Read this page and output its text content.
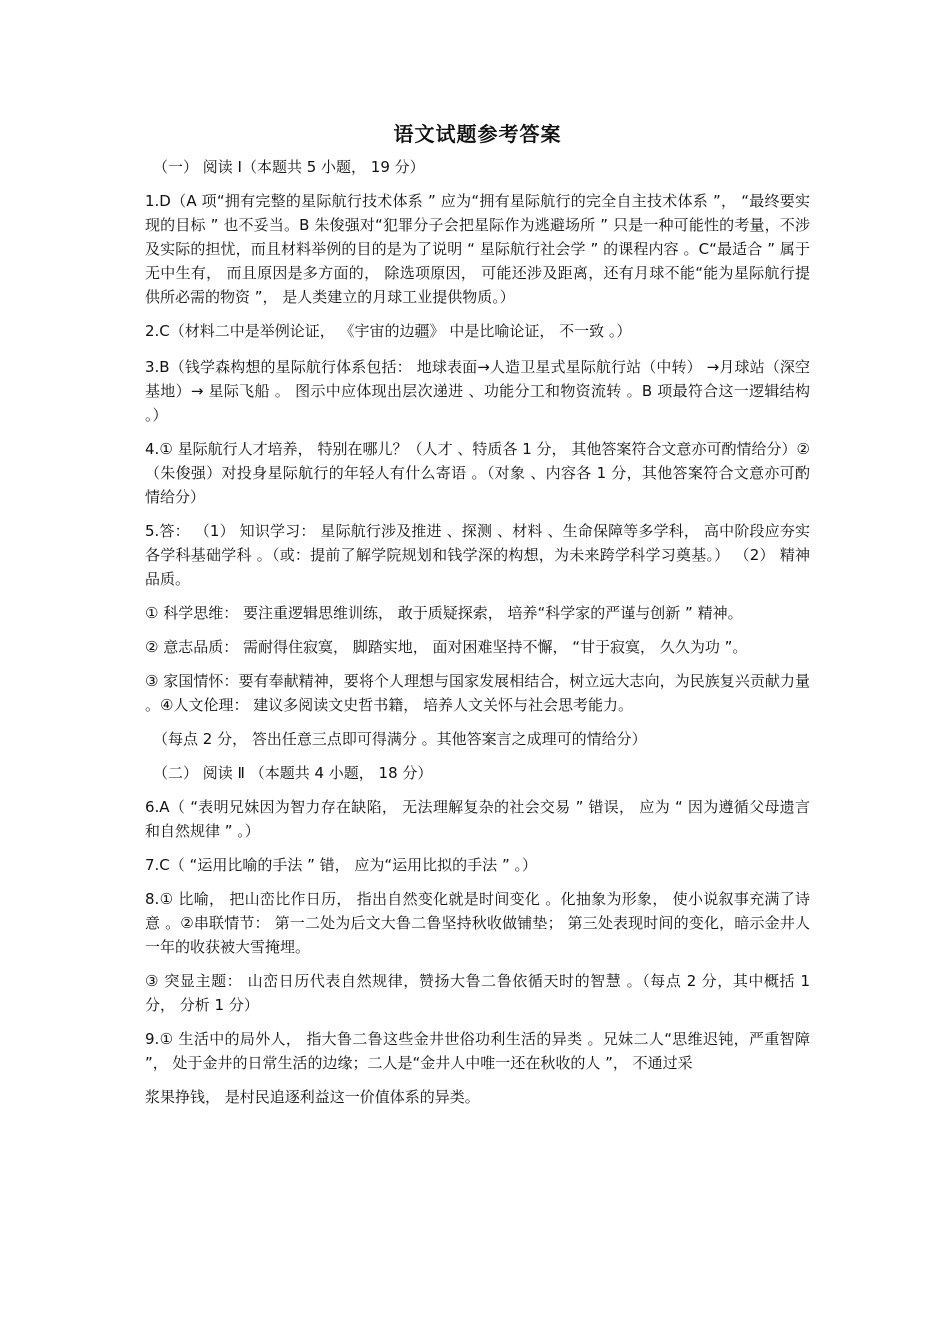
语文试题参考答案
（一） 阅读 I（本题共 5 小题， 19 分）
1.D（A 项“拥有完整的星际航行技术体系 ” 应为“拥有星际航行的完全自主技术体系 ”， “最终要实现的目标 ” 也不妥当。B 朱俊强对“犯罪分子会把星际作为逃避场所 ” 只是一种可能性的考量，不涉及实际的担忧，而且材料举例的目的是为了说明 “ 星际航行社会学 ” 的课程内容 。C“最适合 ” 属于无中生有， 而且原因是多方面的， 除选项原因， 可能还涉及距离，还有月球不能“能为星际航行提供所必需的物资 ”， 是人类建立的月球工业提供物质。）
2.C（材料二中是举例论证， 《宇宙的边疆》 中是比喻论证， 不一致 。）
3.B（钱学森构想的星际航行体系包括： 地球表面→人造卫星式星际航行站（中转） →月球站（深空基地）→ 星际飞船 。 图示中应体现出层次递进 、功能分工和物资流转 。B 项最符合这一逻辑结构 。）
4.① 星际航行人才培养， 特别在哪儿？（人才 、特质各 1 分， 其他答案符合文意亦可酌情给分）②（朱俊强）对投身星际航行的年轻人有什么寄语 。（对象 、内容各 1 分，其他答案符合文意亦可酌情给分）
5.答： （1） 知识学习： 星际航行涉及推进 、探测 、材料 、生命保障等多学科， 高中阶段应夯实各学科基础学科 。（或：提前了解学院规划和钱学深的构想，为未来跨学科学习奠基。） （2） 精神品质。
① 科学思维： 要注重逻辑思维训练， 敢于质疑探索， 培养“科学家的严谨与创新 ” 精神。
② 意志品质： 需耐得住寂寞， 脚踏实地， 面对困难坚持不懈， “甘于寂寞， 久久为功 ”。
③ 家国情怀：要有奉献精神，要将个人理想与国家发展相结合，树立远大志向，为民族复兴贡献力量 。④人文伦理： 建议多阅读文史哲书籍， 培养人文关怀与社会思考能力。
（每点 2 分， 答出任意三点即可得满分 。其他答案言之成理可的情给分）
（二） 阅读 Ⅱ （本题共 4 小题， 18 分）
6.A（ “表明兄妹因为智力存在缺陷， 无法理解复杂的社会交易 ” 错误， 应为 “ 因为遵循父母遗言和自然规律 ” 。）
7.C（ “运用比喻的手法 ” 错， 应为“运用比拟的手法 ” 。）
8.① 比喻， 把山峦比作日历， 指出自然变化就是时间变化 。化抽象为形象， 使小说叙事充满了诗意 。②串联情节： 第一二处为后文大鲁二鲁坚持秋收做铺垫； 第三处表现时间的变化，暗示金井人一年的收获被大雪掩埋。
③ 突显主题： 山峦日历代表自然规律，赞扬大鲁二鲁依循天时的智慧 。（每点 2 分，其中概括 1 分， 分析 1 分）
9.① 生活中的局外人， 指大鲁二鲁这些金井世俗功利生活的异类 。兄妹二人“思维迟钝，严重智障 ”， 处于金井的日常生活的边缘；二人是“金井人中唯一还在秋收的人 ”， 不通过采
浆果挣钱， 是村民追逐利益这一价值体系的异类。
